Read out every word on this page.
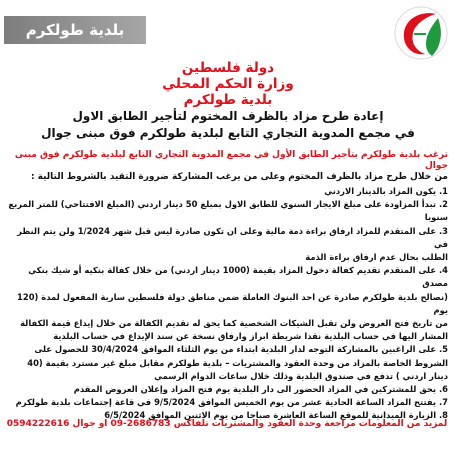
بلدية طولكرم
دولة فلسطين
وزارة الحكم المحلي
بلدية طولكرم
إعادة طرح مزاد بالظرف المختوم لتأجير الطابق الاول
في مجمع المدوية التجاري التابع لبلدية طولكرم فوق مبنى جوال
ترغب بلدية طولكرم بتأجير الطابق الأول في مجمع المدوية التجاري التابع لبلدية طولكرم فوق مبنى جوال
من خلال طرح مزاد بالظرف المختوم وعلى من يرغب المشاركة ضرورة التقيد بالشروط التالية :

1. يكون المزاد بالدينار الاردني

2. تبدأ المزاودة على مبلغ الايجار السنوي للطابق الاول بمبلغ 50 دينار اردني (المبلغ الافتتاحي) للمتر المربع سنويا

3. على المتقدم للمزاد ارفاق براءة ذمة مالية وعلى ان تكون صادرة ليس قبل شهر 1/2024 ولن يتم النظر في

الطلب بحال عدم ارفاق براءة الذمة

4. على المتقدم تقديم كفالة دخول المزاد بقيمة (1000 دينار اردني) من خلال كفالة بنكيه أو شيك بنكي مصدق

(نصالح بلدية طولكرم صادرة عن احد البنوك العاملة ضمن مناطق دولة فلسطين سارية المفعول لمدة (120 يوم

من تاريخ فتح العروض ولن تقبل الشيكات الشخصية كما يحق له تقديم الكفالة من خلال إيداع قيمة الكفالة

المشار اليها في حساب البلدية نقدا شريطة ابراز وارفاق نسخة عن سند الإيداع في حساب البلدية

5. على الراغبين بالمشاركة التوجه لدار البلدية ابتداء من يوم الثلثاء الموافق 30/4/2024 للحصول على

الشروط الخاصة بالمزاد من وحدة العقود والمشتريات – بلدية طولكرم مقابل مبلغ غير مسترد بقيمة (40

دينار اردني ) تدفع في صندوق البلدية وذلك خلال ساعات الدوام الرسمي

6. يحق للمشتركين في المزاد الحضور الى دار البلدية يوم فتح المزاد وإعلان العروض المقدم

7. يفتتح المزاد الساعة الحادية عشر من يوم الخميس الموافق 9/5/2024 في قاعة إجتماعات بلدية طولكرم

8. الزيارة الميدانية للموقع الساعة العاشرة صباحا من يوم الاثنين الموافق 6/5/2024

لمزيد من المعلومات مراجعة وحدة العقود والمشتريات تلفاكس 2686783-09 او جوال 0594222616
